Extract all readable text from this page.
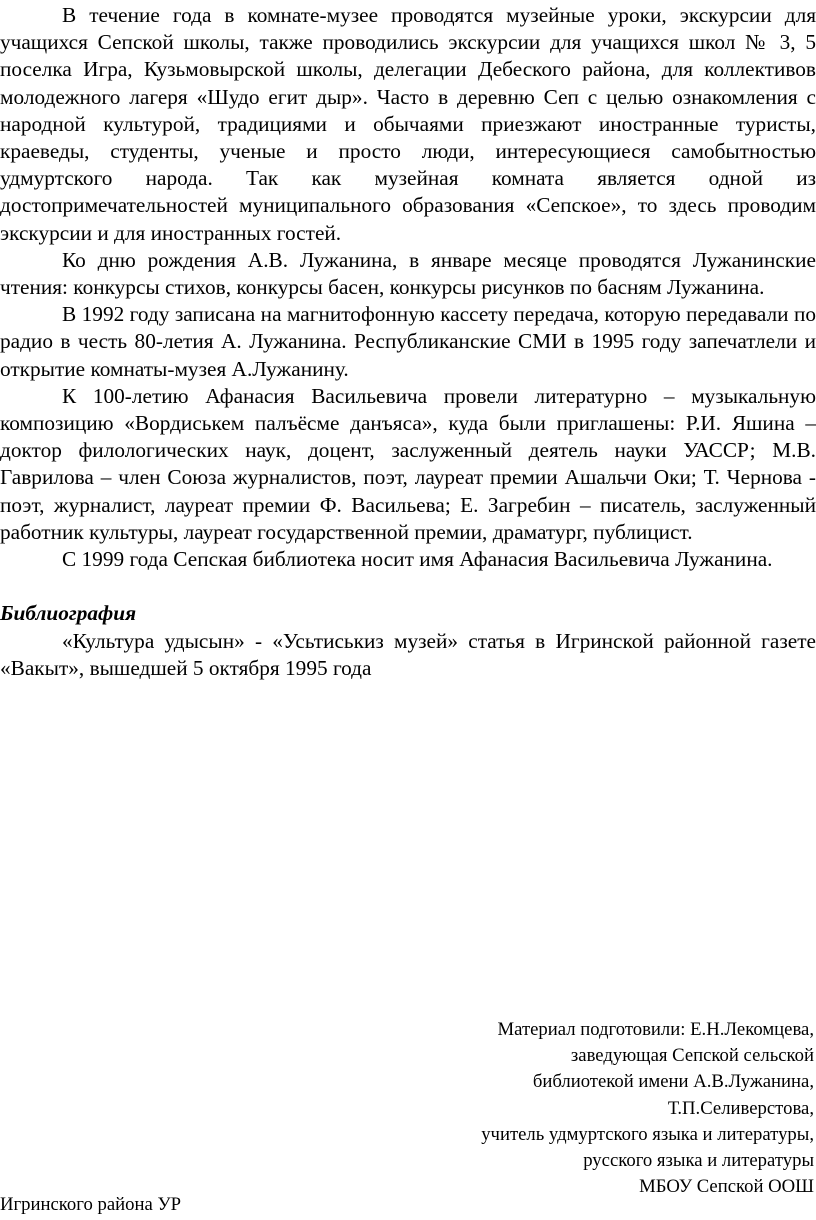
В течение года в комнате-музее проводятся музейные уроки, экскурсии для учащихся Сепской школы, также проводились экскурсии для учащихся школ № 3, 5 поселка Игра, Кузьмовырской школы, делегации Дебеского района, для коллективов молодежного лагеря «Шудо егит дыр». Часто в деревню Сеп с целью ознакомления с народной культурой, традициями и обычаями приезжают иностранные туристы, краеведы, студенты, ученые и просто люди, интересующиеся самобытностью удмуртского народа. Так как музейная комната является одной из достопримечательностей муниципального образования «Сепское», то здесь проводим экскурсии и для иностранных гостей.

Ко дню рождения А.В. Лужанина, в январе месяце проводятся Лужанинские чтения: конкурсы стихов, конкурсы басен, конкурсы рисунков по басням Лужанина.

В 1992 году записана на магнитофонную кассету передача, которую передавали по радио в честь 80-летия А. Лужанина. Республиканские СМИ в 1995 году запечатлели и открытие комнаты-музея А.Лужанину.

К 100-летию Афанасия Васильевича провели литературно – музыкальную композицию «Вордиськем палъёсме данъяса», куда были приглашены: Р.И. Яшина – доктор филологических наук, доцент, заслуженный деятель науки УАССР; М.В. Гаврилова – член Союза журналистов, поэт, лауреат премии Ашальчи Оки; Т. Чернова - поэт, журналист, лауреат премии Ф. Васильева; Е. Загребин – писатель, заслуженный работник культуры, лауреат государственной премии, драматург, публицист.

С 1999 года Сепская библиотека носит имя Афанасия Васильевича Лужанина.

Библиография

«Культура удысын» - «Усьтиськиз музей» статья в Игринской районной газете «Вакыт», вышедшей 5 октября 1995 года

Материал подготовили: Е.Н.Лекомцева,
заведующая Сепской сельской
библиотекой имени А.В.Лужанина,
Т.П.Селиверстова,
учитель удмуртского языка и литературы,
русского языка и литературы
МБОУ Сепской ООШ
Игринского района УР
